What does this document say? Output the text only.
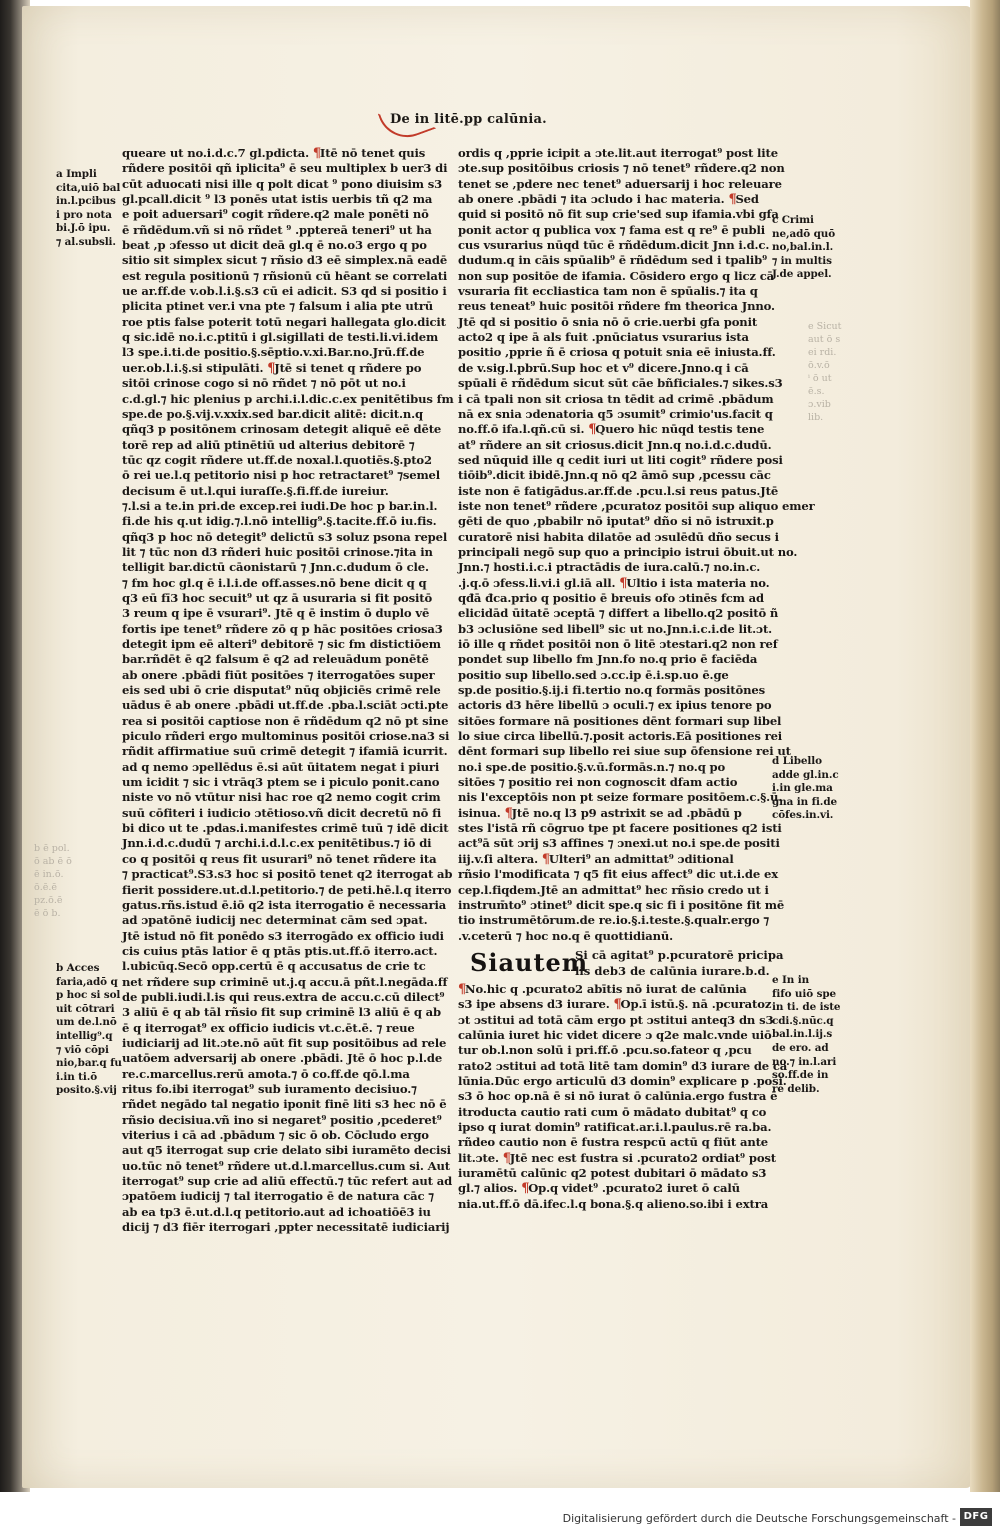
De in litē.pp calūnia.
queare ut no.i.d.c.7 gl.pdicta. ¶Itē nō tenet quis
rñdere positōi qñ iplicita⁹ ē seu multiplex b uer3 di
cūt aduocati nisi ille q polt dicat ⁹ pono diuisim s3
gl.pcall.dicit ⁹ l3 ponēs utat istis uerbis tñ q2 ma
e poit aduersari⁹ cogit rñdere.q2 male ponēti nō
ē rñdēdum.vñ si nō rñdet ⁹ .pptereā teneri⁹ ut ha
beat ,p ɔfesso ut dicit deā gl.q ē no.o3 ergo q po
sitio sit simplex sicut ⁊ rñsio d3 eē simplex.nā eadē
est regula positionū ⁊ rñsionū cū hēant se correlati
ue ar.ff.de v.ob.l.i.§.s3 cū ei adicit. S3 qd si positio i
plicita ptinet ver.i vna pte ⁊ falsum i alia pte utrū
roe ptis false poterit totū negari hallegata glo.dicit
q sic.idē no.i.c.ptitū i gl.sigillati de testi.li.vi.idem
l3 spe.i.ti.de positio.§.sēptio.v.xi.Bar.no.Jrū.ff.de
uer.ob.l.i.§.si stipulāti. ¶Jtē si tenet q rñdere po
sitōi crinose cogo si nō rñdet ⁊ nō pōt ut no.i
c.d.gl.⁊ hic plenius p archi.i.l.dic.c.ex penitētibus fm
spe.de po.§.vij.v.xxix.sed bar.dicit alitē: dicit.n.q
qñq3 p positōnem crinosam detegit aliquē eē dēte
torē rep ad aliū ptinētiū ud alterius debitorē ⁊
tūc qz cogit rñdere ut.ff.de noxal.l.quotiēs.§.pto2
ō rei ue.l.q petitorio nisi p hoc retractaret⁹ ⁊semel
decisum ē ut.l.qui iuraſſe.§.fi.ff.de iureiur.
⁊.l.si a te.in pri.de excep.rei iudi.De hoc p bar.in.l.
fi.de his q.ut idig.⁊.l.nō intellig⁹.§.tacite.ff.ō iu.fis.
qñq3 p hoc nō detegit⁹ delictū s3 soluz psona repel
lit ⁊ tūc non d3 rñderi huic positōi crinose.⁊ita in
telligit bar.dictū cāonistarū ⁊ Jnn.c.dudum ō cle.
⁊ fm hoc gl.q ē i.l.i.de off.asses.nō bene dicit q q
q3 eū fī3 hoc secuit⁹ ut qz ā usuraria si fit positō
3 reum q ipe ē vsurari⁹. Jtē q ē instim ō duplo vē
fortis ipe tenet⁹ rñdere zō q p hāc positōes criosa3
detegit ipm eē alteri⁹ debitorē ⁊ sic fm distictiōem
bar.rñdēt ē q2 falsum ē q2 ad releuādum ponētē
ab onere .pbādi fiūt positōes ⁊ iterrogatōes super
eis sed ubi ō crie disputat⁹ nūq objiciēs crimē rele
uādus ē ab onere .pbādi ut.ff.de .pba.l.sciāt ɔcti.pte
rea si positōi captiose non ē rñdēdum q2 nō pt sine
piculo rñderi ergo multominus positōi criose.na3 si
rñdit affirmatiue suū crimē detegit ⁊ ifamiā icurrit.
ad q nemo ɔpellēdus ē.si aūt ūitatem negat i piuri
um icidit ⁊ sic i vtrāq3 ptem se i piculo ponit.cano
niste vo nō vtūtur nisi hac roe q2 nemo cogit crim
suū cōfiteri i iudicio ɔtētioso.vñ dicit decretū nō fi
bi dico ut te .pdas.i.manifestes crimē tuū ⁊ idē dicit
Jnn.i.d.c.dudū ⁊ archi.i.d.l.c.ex penitētibus.⁊ iō di
co q positōi q reus fit usurari⁹ nō tenet rñdere ita
⁊ practicat⁹.S3.s3 hoc si positō tenet q2 iterrogat ab
fierit possidere.ut.d.l.petitorio.⁊ de peti.hē.l.q iterro
gatus.rñs.istud ē.iō q2 ista iterrogatio ē necessaria
ad ɔpatōnē iudicij nec determinat cām sed ɔpat.
Jtē istud nō fit ponēdo s3 iterrogādo ex officio iudi
cis cuius ptās latior ē q ptās ptis.ut.ff.ō iterro.act.
l.ubicūq.Secō opp.certū ē q accusatus de crie tc
net rñdere sup criminē ut.j.q accu.ā pñt.l.negāda.ff
de publi.iudi.l.is qui reus.extra de accu.c.cū dilect⁹
3 aliū ē q ab tāl rñsio fit sup criminē l3 aliū ē q ab
ē q iterrogat⁹ ex officio iudicis vt.c.ēt.ē. ⁊ reue
iudiciarij ad lit.ɔte.nō aūt fit sup positōibus ad rele
uatōem adversarij ab onere .pbādi. Jtē ō hoc p.l.de
re.c.marcellus.rerū amota.⁊ ō co.ff.de qō.l.ma
ritus fo.ibi iterrogat⁹ sub iuramento decisiuo.⁊
rñdet negādo tal negatio iponit finē liti s3 hec nō ē
rñsio decisiua.vñ ino si negaret⁹ positio ,pcederet⁹
viterius i cā ad .pbādum ⁊ sic ō ob. Cōcludo ergo
aut q5 iterrogat sup crie delato sibi iuramēto decisi
uo.tūc nō tenet⁹ rñdere ut.d.l.marcellus.cum si. Aut
iterrogat⁹ sup crie ad aliū effectū.⁊ tūc refert aut ad
ɔpatōem iudicij ⁊ tal iterrogatio ē de natura cāc ⁊
ab ea tp3 ē.ut.d.l.q petitorio.aut ad ichoatiōē3 iu
dicij ⁊ d3 fiēr iterrogari ,ppter necessitatē iudiciarij
ordis q ,pprie icipit a ɔte.lit.aut iterrogat⁹ post lite
ɔte.sup positōibus criosis ⁊ nō tenet⁹ rñdere.q2 non
tenet se ,pdere nec tenet⁹ aduersarij i hoc releuare
ab onere .pbādi ⁊ ita ɔcludo i hac materia. ¶Sed
quid si positō nō fit sup crie'sed sup ifamia.vbi gfa
ponit actor q publica vox ⁊ fama est q re⁹ ē publi
cus vsurarius nūqd tūc ē rñdēdum.dicit Jnn i.d.c.
dudum.q in cāis spūalib⁹ ē rñdēdum sed i tpalib⁹
non sup positōe de ifamia. Cōsidero ergo q licz cā
vsuraria fit eccliastica tam non ē spūalis.⁊ ita q
reus teneat⁹ huic positōi rñdere fm theorica Jnno.
Jtē qd si positio ō snia nō ō crie.uerbi gfa ponit
acto2 q ipe ā als fuit .pnūciatus vsurarius ista
positio ,pprie ñ ē criosa q potuit snia eē iniusta.ff.
de v.sig.l.pbrū.Sup hoc et v⁹ dicere.Jnno.q i cā
spūali ē rñdēdum sicut sūt cāe bñficiales.⁊ sikes.s3
i cā tpali non sit criosa tn tēdit ad crimē .pbādum
nā ex snia ɔdenatoria q5 ɔsumit⁹ crimio'us.facit q
no.ff.ō ifa.l.qñ.cū si. ¶Quero hic nūqd testis tene
at⁹ rñdere an sit criosus.dicit Jnn.q no.i.d.c.dudū.
sed nūquid ille q cedit iuri ut liti cogit⁹ rñdere posi
tiōib⁹.dicit ibidē.Jnn.q nō q2 āmō sup ,pcessu cāc
iste non ē fatigādus.ar.ff.de .pcu.l.si reus patus.Jtē
iste non tenet⁹ rñdere ,pcuratoz positōi sup aliquo emer
gēti de quo ,pbabilr nō iputat⁹ dño si nō istruxit.p
curatorē nisi habita dilatōe ad ɔsulēdū dño secus i
principali negō sup quo a principio istrui ōbuit.ut no.
Jnn.⁊ hosti.i.c.i ptractādis de iura.calū.⁊ no.in.c.
.j.q.ō ɔfess.li.vi.i gl.iā all. ¶Ultio i ista materia no.
qđā đca.prio q positio ē breuis ofo ɔtinēs fcm ad
elicidād ūitatē ɔceptā ⁊ differt a libello.q2 positō ñ
b3 ɔclusiōne sed libell⁹ sic ut no.Jnn.i.c.i.de lit.ɔt.
iō ille q rñdet positōi non ō litē ɔtestari.q2 non ref
pondet sup libello fm Jnn.fo no.q prio ē faciēda
positio sup libello.sed ɔ.cc.ip ē.i.sp.uo ē.ge
sp.de positio.§.ij.i fi.tertio no.q formās positōnes
actoris d3 hēre libellū ɔ oculi.⁊ ex ipius tenore po
sitōes formare nā positiones dēnt formari sup libel
lo siue circa libellū.⁊.posit actoris.Eā positiones rei
dēnt formari sup libello rei siue sup ōfensione rei ut
no.i spe.de positio.§.v.ū.formās.n.⁊ no.q po
sitōes ⁊ positio rei non cognoscit dfam actio
nis l'exceptōis non pt seize formare positōem.c.§.ū.
isinua. ¶Jtē no.q l3 p9 astrixit se ad .pbādū p
stes l'istā rñ cōgruo tpe pt facere positiones q2 isti
act⁹ā sūt ɔrij s3 affines ⁊ ɔnexi.ut no.i spe.de positi
iij.v.ſi altera. ¶Ulteri⁹ an admittat⁹ ɔditional
rñsio l'modificata ⁊ q5 fit eius affect⁹ dic ut.i.de ex
cep.l.fiqdem.Jtē an admittat⁹ hec rñsio credo ut i
instrum̄to⁹ ɔtinet⁹ dicit spe.q sic fi i positōne fit mē
tio instrumētōrum.de re.io.§.i.teste.§.qualr.ergo ⁊
.v.ceterū ⁊ hoc no.q ē quottidianū.
¶No.hic q .pcurato2 abītis nō iurat de calūnia
s3 ipe absens d3 iurare. ¶Op.ī istū.§. nā .pcuratoz
ɔt ɔstitui ad totā cām ergo pt ɔstitui anteq3 dn s3
calūnia iuret hic videt dicere ɔ q2e malc.vnde uiō
tur ob.l.non solū i pri.ff.ō .pcu.so.fateor q ,pcu
rato2 ɔstitui ad totā litē tam domin⁹ d3 iurare de ca
lūnia.Dūc ergo articulū d3 domin⁹ explicare p .posi.
s3 ō hoc op.nā ē si nō iurat ō calūnia.ergo fustra ē
itroducta cautio rati cum ō mādato dubitat⁹ q co
ipso q iurat domin⁹ ratificat.ar.i.l.paulus.rē ra.ba.
rñdeo cautio non ē fustra respcū actū q fiūt ante
lit.ɔte. ¶Jtē nec est fustra si .pcurato2 ordiat⁹ post
iuramētū calūnic q2 potest dubitari ō mādato s3
gl.⁊ alios. ¶Op.q videt⁹ .pcurato2 iuret ō calū
nia.ut.ff.ō dā.ifec.l.q bona.§.q alieno.so.ibi i extra
Siautem
Si cā agitat⁹ p.pcuratorē pricipa
lis deb3 de calūnia iurare.b.d.
a Impli
cita,uiō bal
in.l.pcibus
i pro nota
bi.J.ō ipu.
⁊ al.subsli.
b Acces
faria,adō q
p hoc si sol
uit cōtrari
um de.l.nō
intellig⁹.q
⁊ viō cōpi
nio,bar.q fu
i.in ti.ō
posito.§.vij
c Crimi
ne,adō quō
no,bal.in.l.
⁊ in multis
J.de appel.
d Libello
adde gl.in.c
i.in gle.ma
gna in fi.de
cōfes.in.vi.
e In in
fifo uiō spe
in ti. de iste
cdi.§.nūc.q
bal.in.l.ij.s
de ero. ad
no.⁊ in.l.ari
so.ff.de in
re delib.
e Sicut
aut ō s
ei rdi.
ō.v.ō
ⁱ ō ut
ē.s.
ɔ.vib
lib.
b ē pol.
ō ab ē ō
ē in.ō.
ō.ē.ē
pz.ō.ē
ē ō b.
Digitalisierung gefördert durch die Deutsche Forschungsgemeinschaft - DFG
